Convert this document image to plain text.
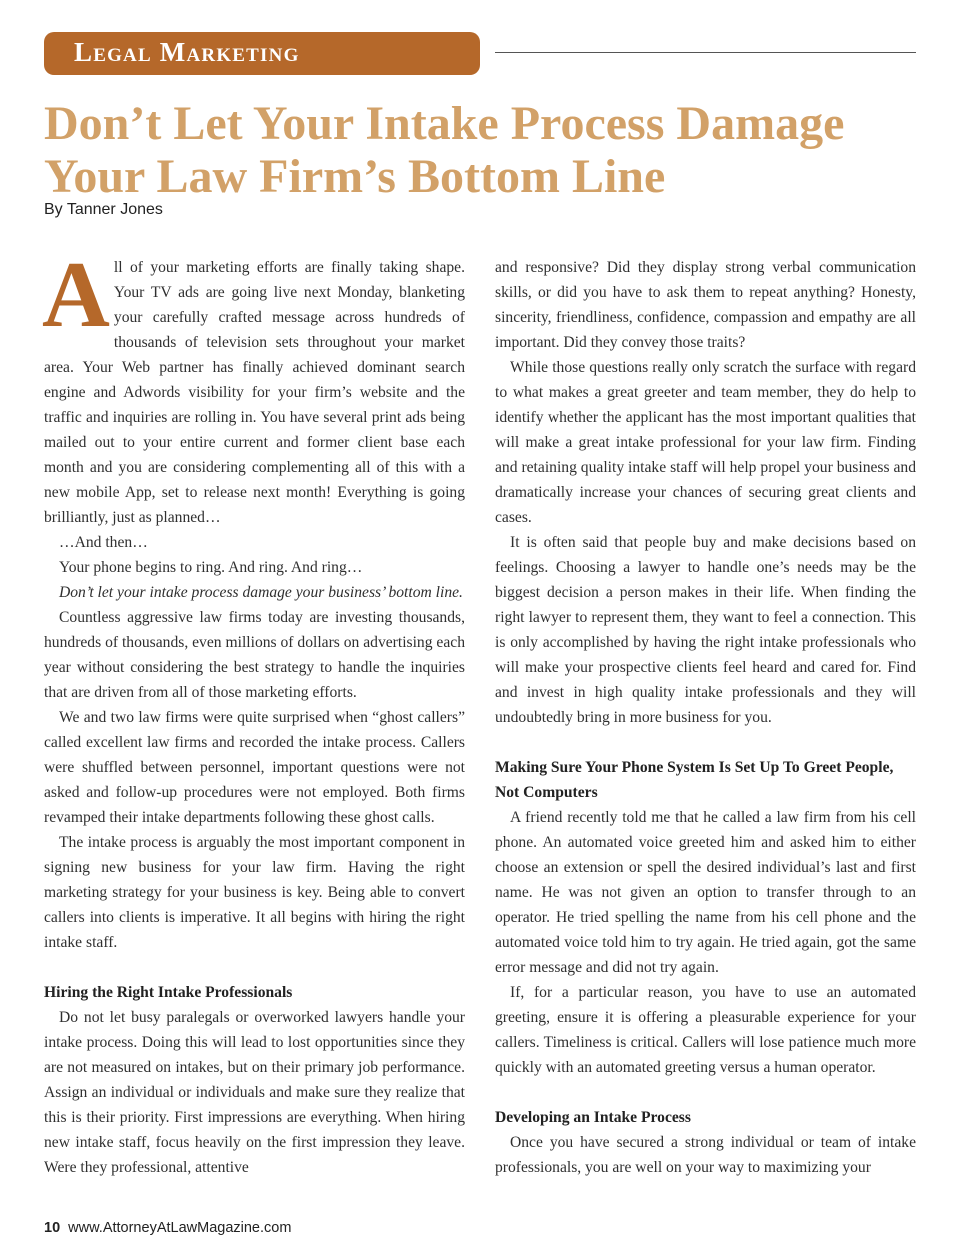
Legal Marketing
Don’t Let Your Intake Process Damage Your Law Firm’s Bottom Line
By Tanner Jones

All of your marketing efforts are finally taking shape. Your TV ads are going live next Monday, blanketing your carefully crafted message across hundreds of thousands of television sets throughout your market area. Your Web partner has finally achieved dominant search engine and Adwords visibility for your firm’s website and the traffic and inquiries are rolling in. You have several print ads being mailed out to your entire current and former client base each month and you are considering complementing all of this with a new mobile App, set to release next month! Everything is going brilliantly, just as planned…

…And then…

Your phone begins to ring. And ring. And ring…

Don’t let your intake process damage your business’ bottom line.

Countless aggressive law firms today are investing thousands, hundreds of thousands, even millions of dollars on advertising each year without considering the best strategy to handle the inquiries that are driven from all of those marketing efforts.

We and two law firms were quite surprised when “ghost callers” called excellent law firms and recorded the intake process. Callers were shuffled between personnel, important questions were not asked and follow-up procedures were not employed. Both firms revamped their intake departments following these ghost calls.

The intake process is arguably the most important component in signing new business for your law firm. Having the right marketing strategy for your business is key. Being able to convert callers into clients is imperative. It all begins with hiring the right intake staff.

Hiring the Right Intake Professionals

Do not let busy paralegals or overworked lawyers handle your intake process. Doing this will lead to lost opportunities since they are not measured on intakes, but on their primary job performance. Assign an individual or individuals and make sure they realize that this is their priority. First impressions are everything. When hiring new intake staff, focus heavily on the first impression they leave. Were they professional, attentive

and responsive? Did they display strong verbal communication skills, or did you have to ask them to repeat anything? Honesty, sincerity, friendliness, confidence, compassion and empathy are all important. Did they convey those traits?

While those questions really only scratch the surface with regard to what makes a great greeter and team member, they do help to identify whether the applicant has the most important qualities that will make a great intake professional for your law firm. Finding and retaining quality intake staff will help propel your business and dramatically increase your chances of securing great clients and cases.

It is often said that people buy and make decisions based on feelings. Choosing a lawyer to handle one’s needs may be the biggest decision a person makes in their life. When finding the right lawyer to represent them, they want to feel a connection. This is only accomplished by having the right intake professionals who will make your prospective clients feel heard and cared for. Find and invest in high quality intake professionals and they will undoubtedly bring in more business for you.

Making Sure Your Phone System Is Set Up To Greet People, Not Computers

A friend recently told me that he called a law firm from his cell phone. An automated voice greeted him and asked him to either choose an extension or spell the desired individual’s last and first name. He was not given an option to transfer through to an operator. He tried spelling the name from his cell phone and the automated voice told him to try again. He tried again, got the same error message and did not try again.

If, for a particular reason, you have to use an automated greeting, ensure it is offering a pleasurable experience for your callers. Timeliness is critical. Callers will lose patience much more quickly with an automated greeting versus a human operator.

Developing an Intake Process

Once you have secured a strong individual or team of intake professionals, you are well on your way to maximizing your

10 www.AttorneyAtLawMagazine.com
